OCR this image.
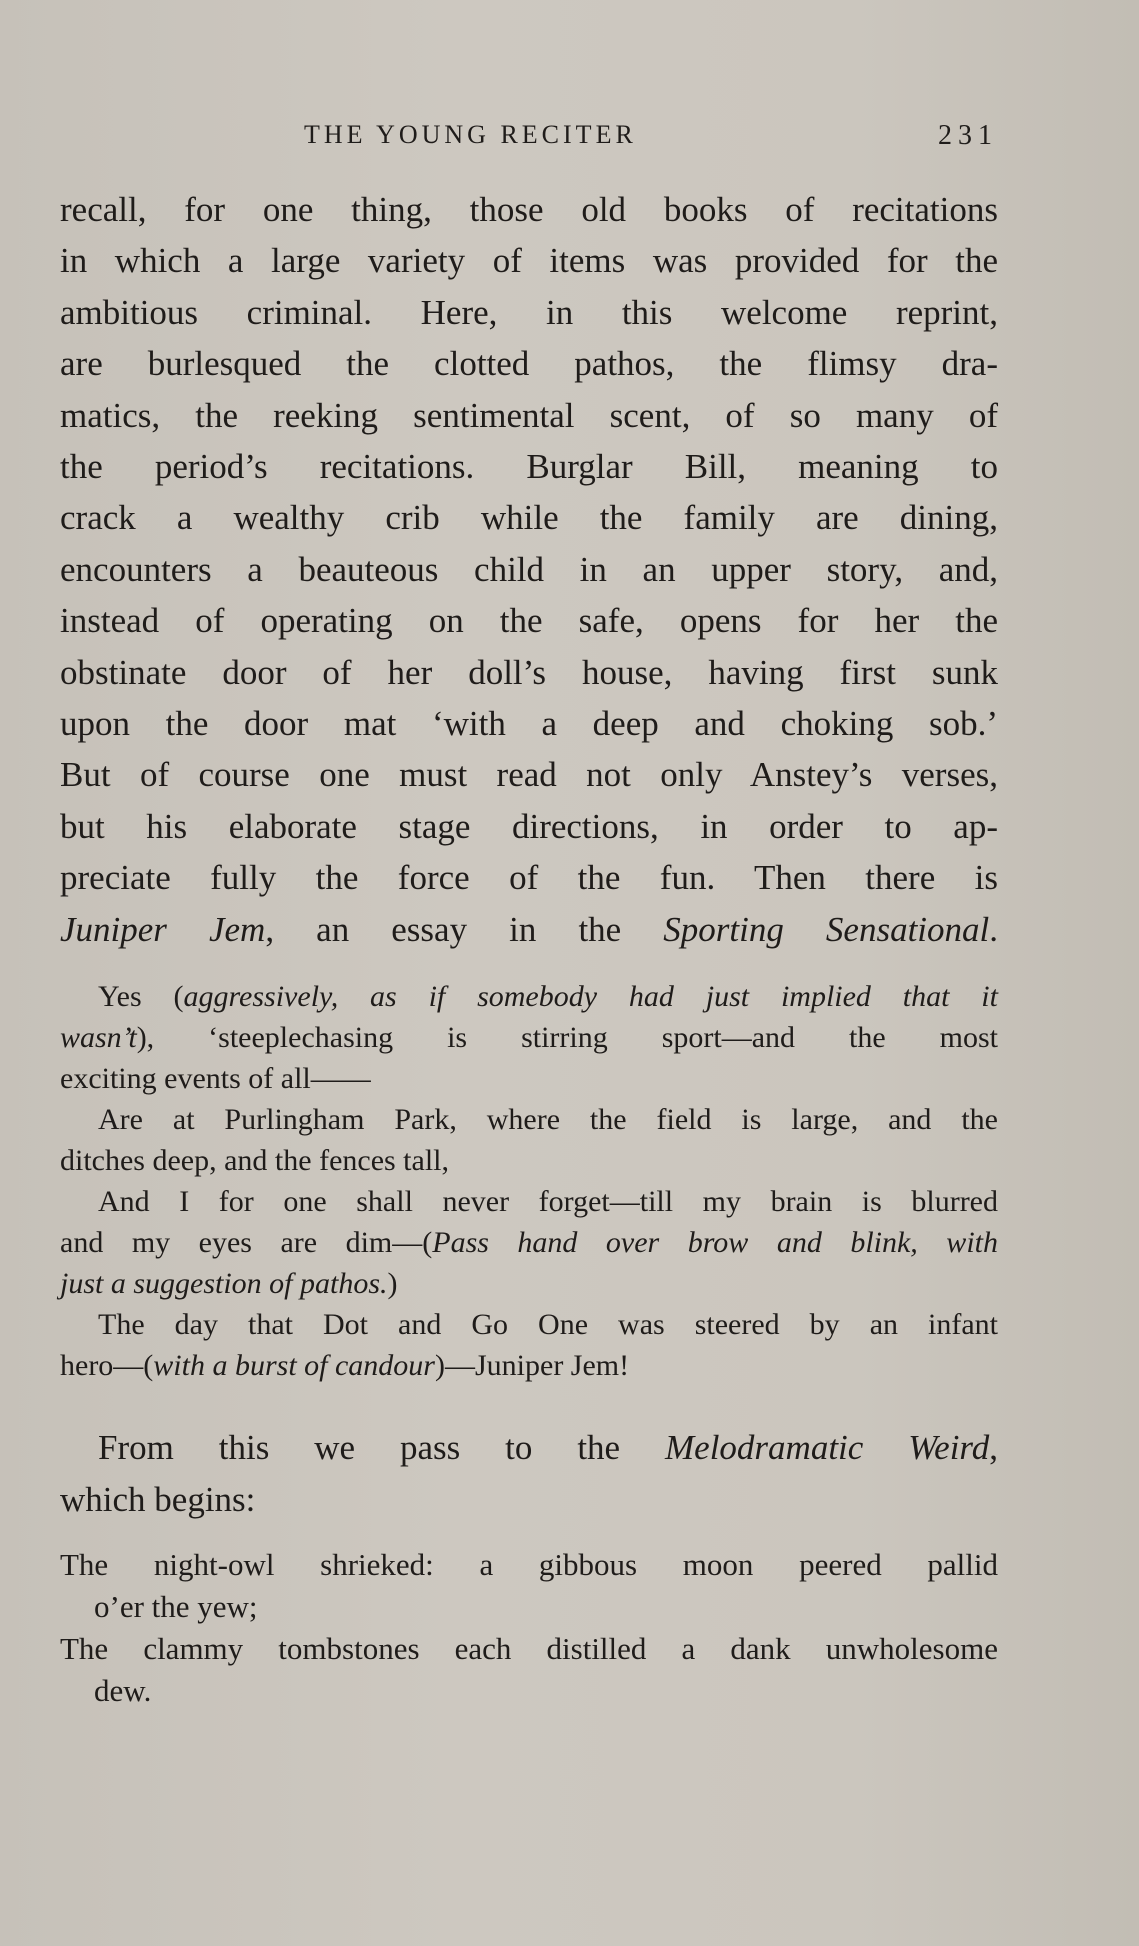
THE YOUNG RECITER	231
recall, for one thing, those old books of recitations
in which a large variety of items was provided for the
ambitious criminal. Here, in this welcome reprint,
are burlesqued the clotted pathos, the flimsy dra-
matics, the reeking sentimental scent, of so many of
the period’s recitations. Burglar Bill, meaning to
crack a wealthy crib while the family are dining,
encounters a beauteous child in an upper story, and,
instead of operating on the safe, opens for her the
obstinate door of her doll’s house, having first sunk
upon the door mat ‘with a deep and choking sob.’
But of course one must read not only Anstey’s verses,
but his elaborate stage directions, in order to ap-
preciate fully the force of the fun. Then there is
Juniper Jem, an essay in the Sporting Sensational.
Yes (aggressively, as if somebody had just implied that it
wasn’t), ‘steeplechasing is stirring sport—and the most
exciting events of all——
Are at Purlingham Park, where the field is large, and the
ditches deep, and the fences tall,
And I for one shall never forget—till my brain is blurred
and my eyes are dim—(Pass hand over brow and blink, with
just a suggestion of pathos.)
The day that Dot and Go One was steered by an infant
hero—(with a burst of candour)—Juniper Jem!
From this we pass to the Melodramatic Weird,
which begins:
The night-owl shrieked: a gibbous moon peered pallid
o’er the yew;
The clammy tombstones each distilled a dank unwholesome
dew.
